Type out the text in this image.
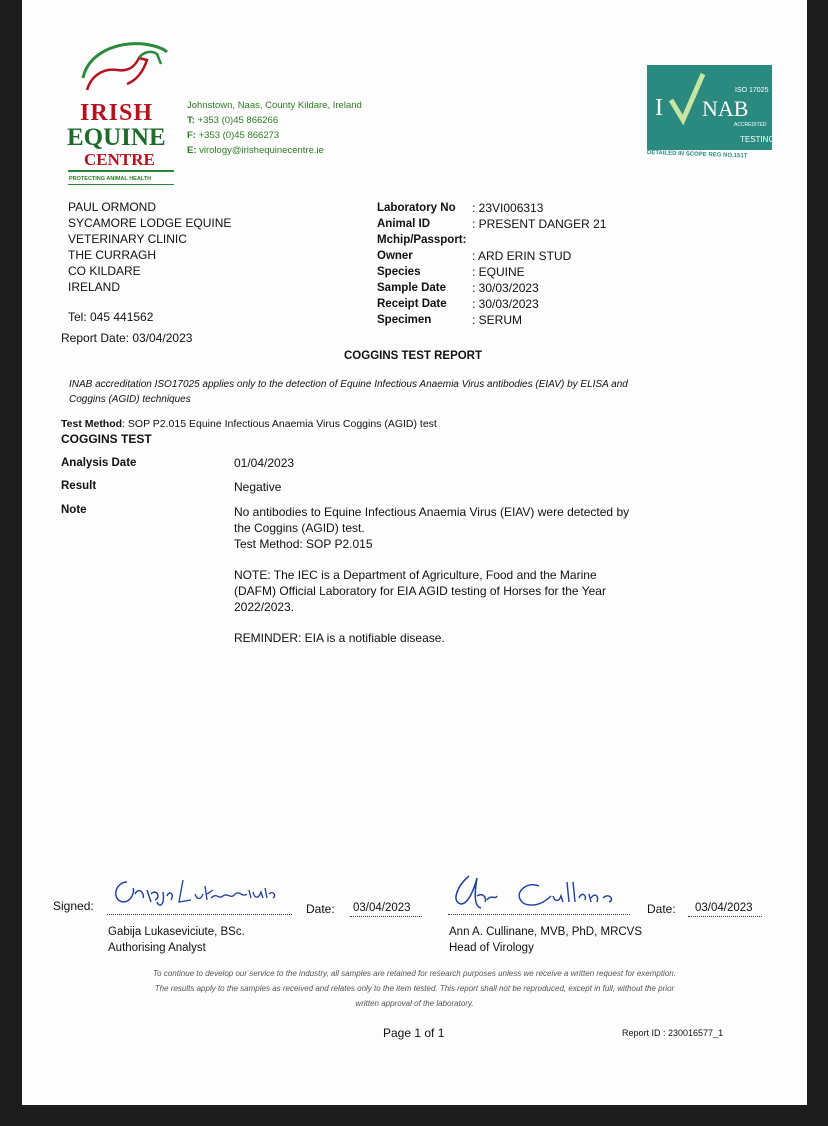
IRISH
EQUINE
CENTRE
PROTECTING ANIMAL HEALTH
Johnstown, Naas, County Kildare, Ireland
T: +353 (0)45 866266
F: +353 (0)45 866273
E: virology@irishequinecentre.ie
ISO 17025
I NAB
ACCREDITED
TESTING
DETAILED IN SCOPE REG NO.151T
PAUL ORMOND
SYCAMORE LODGE EQUINE
VETERINARY CLINIC
THE CURRAGH
CO KILDARE
IRELAND
Tel: 045 441562
Report Date: 03/04/2023
Laboratory No	: 23VI006313
Animal ID	: PRESENT DANGER 21
Mchip/Passport:
Owner	: ARD ERIN STUD
Species	: EQUINE
Sample Date	: 30/03/2023
Receipt Date	: 30/03/2023
Specimen	: SERUM
COGGINS TEST REPORT
INAB accreditation ISO17025 applies only to the detection of Equine Infectious Anaemia Virus antibodies (EIAV) by ELISA and
Coggins (AGID) techniques
Test Method: SOP P2.015 Equine Infectious Anaemia Virus Coggins (AGID) test
COGGINS TEST
Analysis Date	01/04/2023
Result	Negative
Note	No antibodies to Equine Infectious Anaemia Virus (EIAV) were detected by
the Coggins (AGID) test.
Test Method: SOP P2.015
NOTE: The IEC is a Department of Agriculture, Food and the Marine
(DAFM) Official Laboratory for EIA AGID testing of Horses for the Year
2022/2023.
REMINDER: EIA is a notifiable disease.
Signed:	Date: 03/04/2023
Gabija Lukaseviciute, BSc.
Authorising Analyst
Date: 03/04/2023
Ann A. Cullinane, MVB, PhD, MRCVS
Head of Virology
To continue to develop our service to the industry, all samples are retained for research purposes unless we receive a written request for exemption.
The results apply to the samples as received and relates only to the item tested. This report shall not be reproduced, except in full, without the prior
written approval of the laboratory.
Page 1 of 1	Report ID : 230016577_1
